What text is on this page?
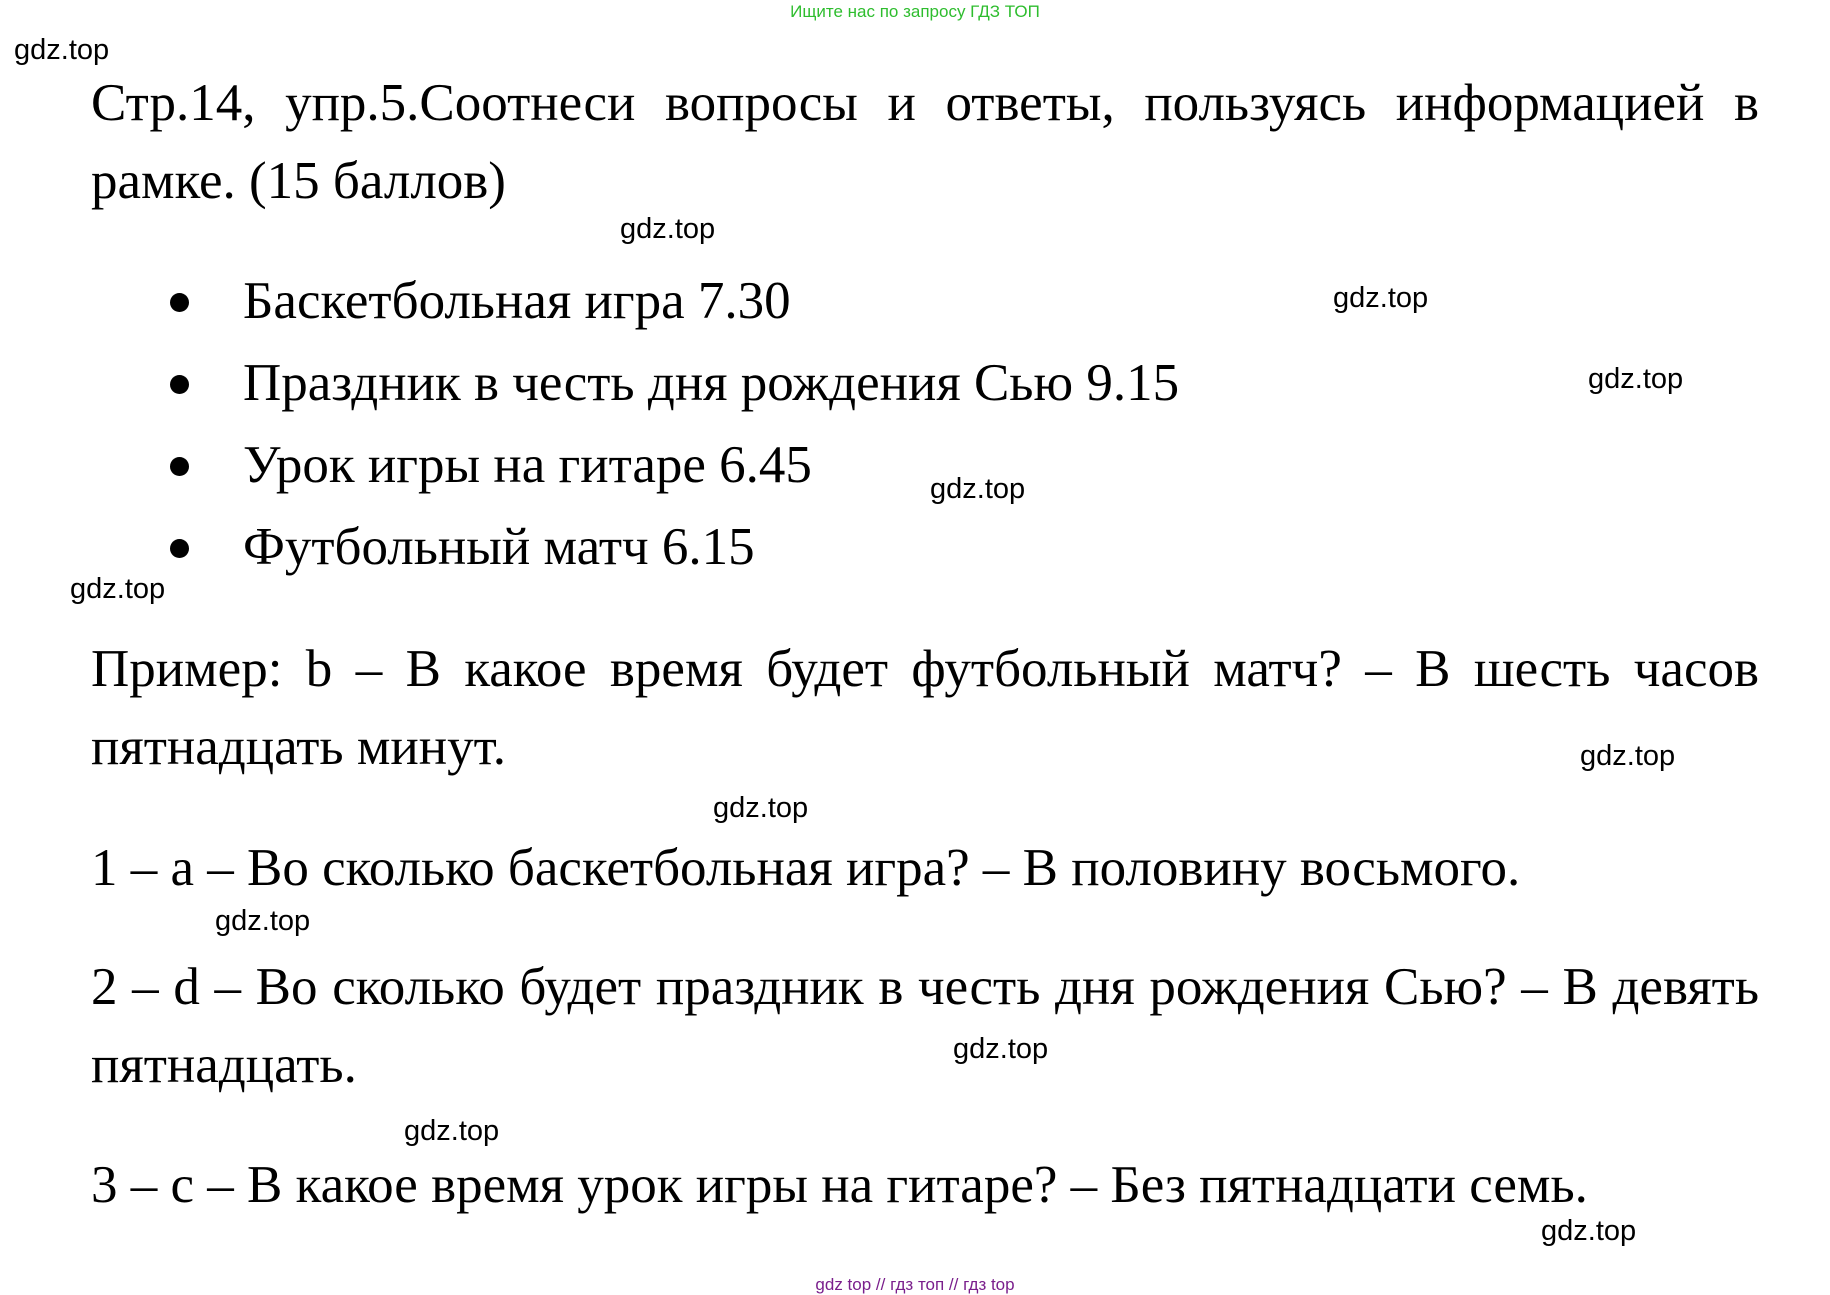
Ищите нас по запросу ГДЗ ТОП
gdz.top
gdz.top
gdz.top
gdz.top
gdz.top
gdz.top
gdz.top
gdz.top
gdz.top
gdz.top
gdz.top
gdz.top
Стр.14, упр.5.Соотнеси вопросы и ответы, пользуясь информацией в рамке. (15 баллов)
Баскетбольная игра 7.30
Праздник в честь дня рождения Сью 9.15
Урок игры на гитаре 6.45
Футбольный матч 6.15
Пример: b – В какое время будет футбольный матч? – В шесть часов пятнадцать минут.
1 – a – Во сколько баскетбольная игра? – В половину восьмого.
2 – d – Во сколько будет праздник в честь дня рождения Сью? – В девять пятнадцать.
3 – c – В какое время урок игры на гитаре? – Без пятнадцати семь.
gdz top // гдз топ // гдз top
